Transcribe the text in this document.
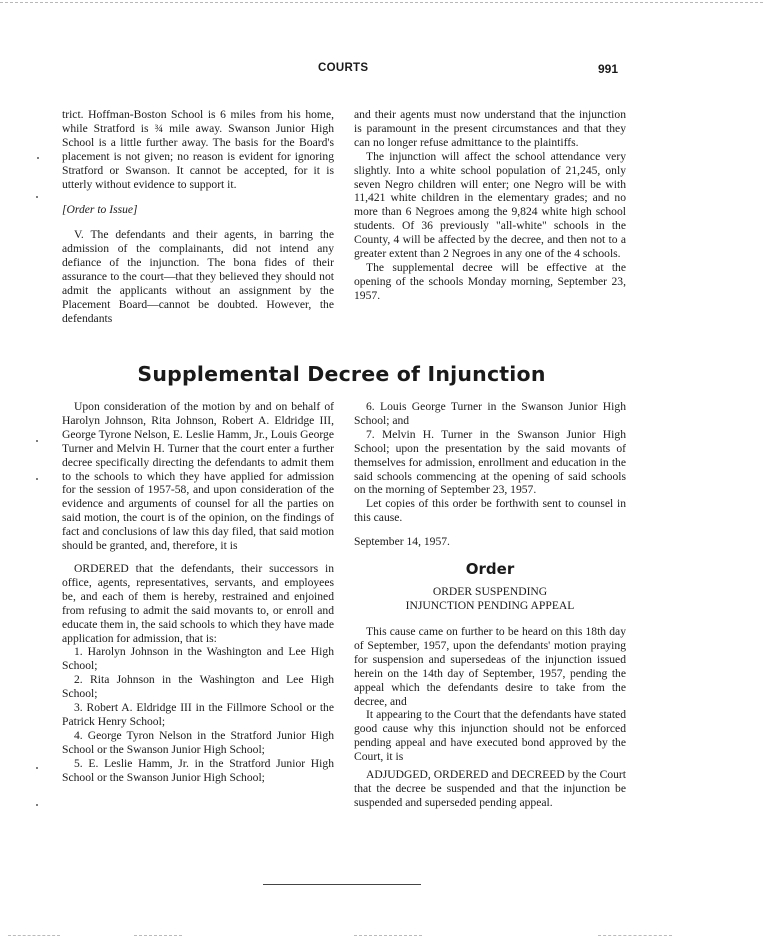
COURTS	991

trict. Hoffman-Boston School is 6 miles from his home, while Stratford is ¾ mile away. Swanson Junior High School is a little further away. The basis for the Board's placement is not given; no reason is evident for ignoring Stratford or Swanson. It cannot be accepted, for it is utterly without evidence to support it.

[Order to Issue]

V. The defendants and their agents, in barring the admission of the complainants, did not intend any defiance of the injunction. The bona fides of their assurance to the court—that they believed they should not admit the applicants without an assignment by the Placement Board—cannot be doubted. However, the defendants

and their agents must now understand that the injunction is paramount in the present circumstances and that they can no longer refuse admittance to the plaintiffs.

The injunction will affect the school attendance very slightly. Into a white school population of 21,245, only seven Negro children will enter; one Negro will be with 11,421 white children in the elementary grades; and no more than 6 Negroes among the 9,824 white high school students. Of 36 previously "all-white" schools in the County, 4 will be affected by the decree, and then not to a greater extent than 2 Negroes in any one of the 4 schools.

The supplemental decree will be effective at the opening of the schools Monday morning, September 23, 1957.

Supplemental Decree of Injunction

Upon consideration of the motion by and on behalf of Harolyn Johnson, Rita Johnson, Robert A. Eldridge III, George Tyrone Nelson, E. Leslie Hamm, Jr., Louis George Turner and Melvin H. Turner that the court enter a further decree specifically directing the defendants to admit them to the schools to which they have applied for admission for the session of 1957-58, and upon consideration of the evidence and arguments of counsel for all the parties on said motion, the court is of the opinion, on the findings of fact and conclusions of law this day filed, that said motion should be granted, and, therefore, it is

ORDERED that the defendants, their successors in office, agents, representatives, servants, and employees be, and each of them is hereby, restrained and enjoined from refusing to admit the said movants to, or enroll and educate them in, the said schools to which they have made application for admission, that is:

1. Harolyn Johnson in the Washington and Lee High School;

2. Rita Johnson in the Washington and Lee High School;

3. Robert A. Eldridge III in the Fillmore School or the Patrick Henry School;

4. George Tyron Nelson in the Stratford Junior High School or the Swanson Junior High School;

5. E. Leslie Hamm, Jr. in the Stratford Junior High School or the Swanson Junior High School;

6. Louis George Turner in the Swanson Junior High School; and

7. Melvin H. Turner in the Swanson Junior High School; upon the presentation by the said movants of themselves for admission, enrollment and education in the said schools commencing at the opening of said schools on the morning of September 23, 1957.

Let copies of this order be forthwith sent to counsel in this cause.

September 14, 1957.

Order
ORDER SUSPENDING
INJUNCTION PENDING APPEAL

This cause came on further to be heard on this 18th day of September, 1957, upon the defendants' motion praying for suspension and supersedeas of the injunction issued herein on the 14th day of September, 1957, pending the appeal which the defendants desire to take from the decree, and

It appearing to the Court that the defendants have stated good cause why this injunction should not be enforced pending appeal and have executed bond approved by the Court, it is

ADJUDGED, ORDERED and DECREED by the Court that the decree be suspended and that the injunction be suspended and superseded pending appeal.
